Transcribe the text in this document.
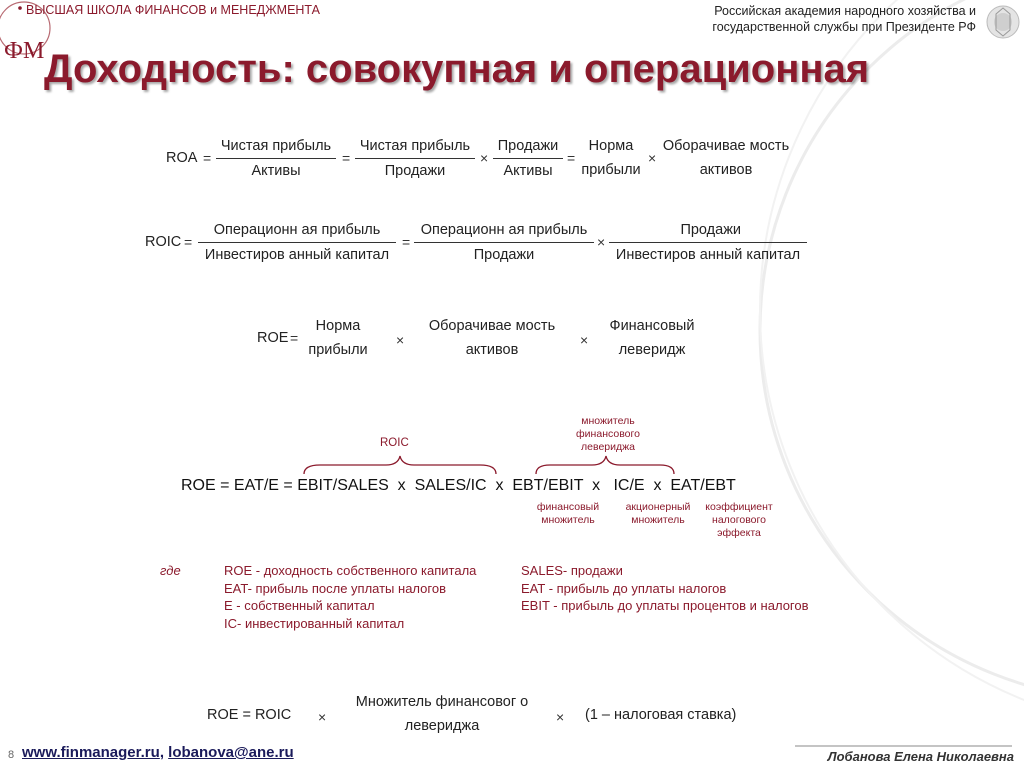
ВЫСШАЯ ШКОЛА ФИНАНСОВ и МЕНЕДЖМЕНТА
ФМ
Российская академия народного хозяйства и
государственной службы при Президенте РФ
Доходность: совокупная и операционная
ROA =
Чистая прибыль
Активы
=
Чистая прибыль
Продажи
×
Продажи
Активы
=
Норма
прибыли
×
Оборачивае мость
активов
ROIC =
Операционн ая прибыль
Инвестиров анный капитал
=
Операционн ая прибыль
Продажи
×
Продажи
Инвестиров анный капитал
ROE =
Норма
прибыли
×
Оборачивае мость
активов
×
Финансовый
левeридж
ROIC
множитель
финансового
левериджа
ROE = EAT/E = EBIT/SALES  x  SALES/IC  x  EBT/EBIT  x   IC/E  x  EAT/EBT
финансовый
множитель
акционерный
множитель
коэффициент
налогового
эффекта
где	ROE - доходность собственного капитала
EAT- прибыль после уплаты налогов
E - собственный капитал
IC- инвестированный капитал
SALES- продажи
EAT - прибыль до уплаты налогов
EBIT - прибыль до уплаты процентов и налогов
ROE = ROIC ×
Множитель финансовог о
левериджа
× (1 – налоговая ставка)
8 www.finmanager.ru, lobanova@ane.ru	Лобанова Елена Николаевна
